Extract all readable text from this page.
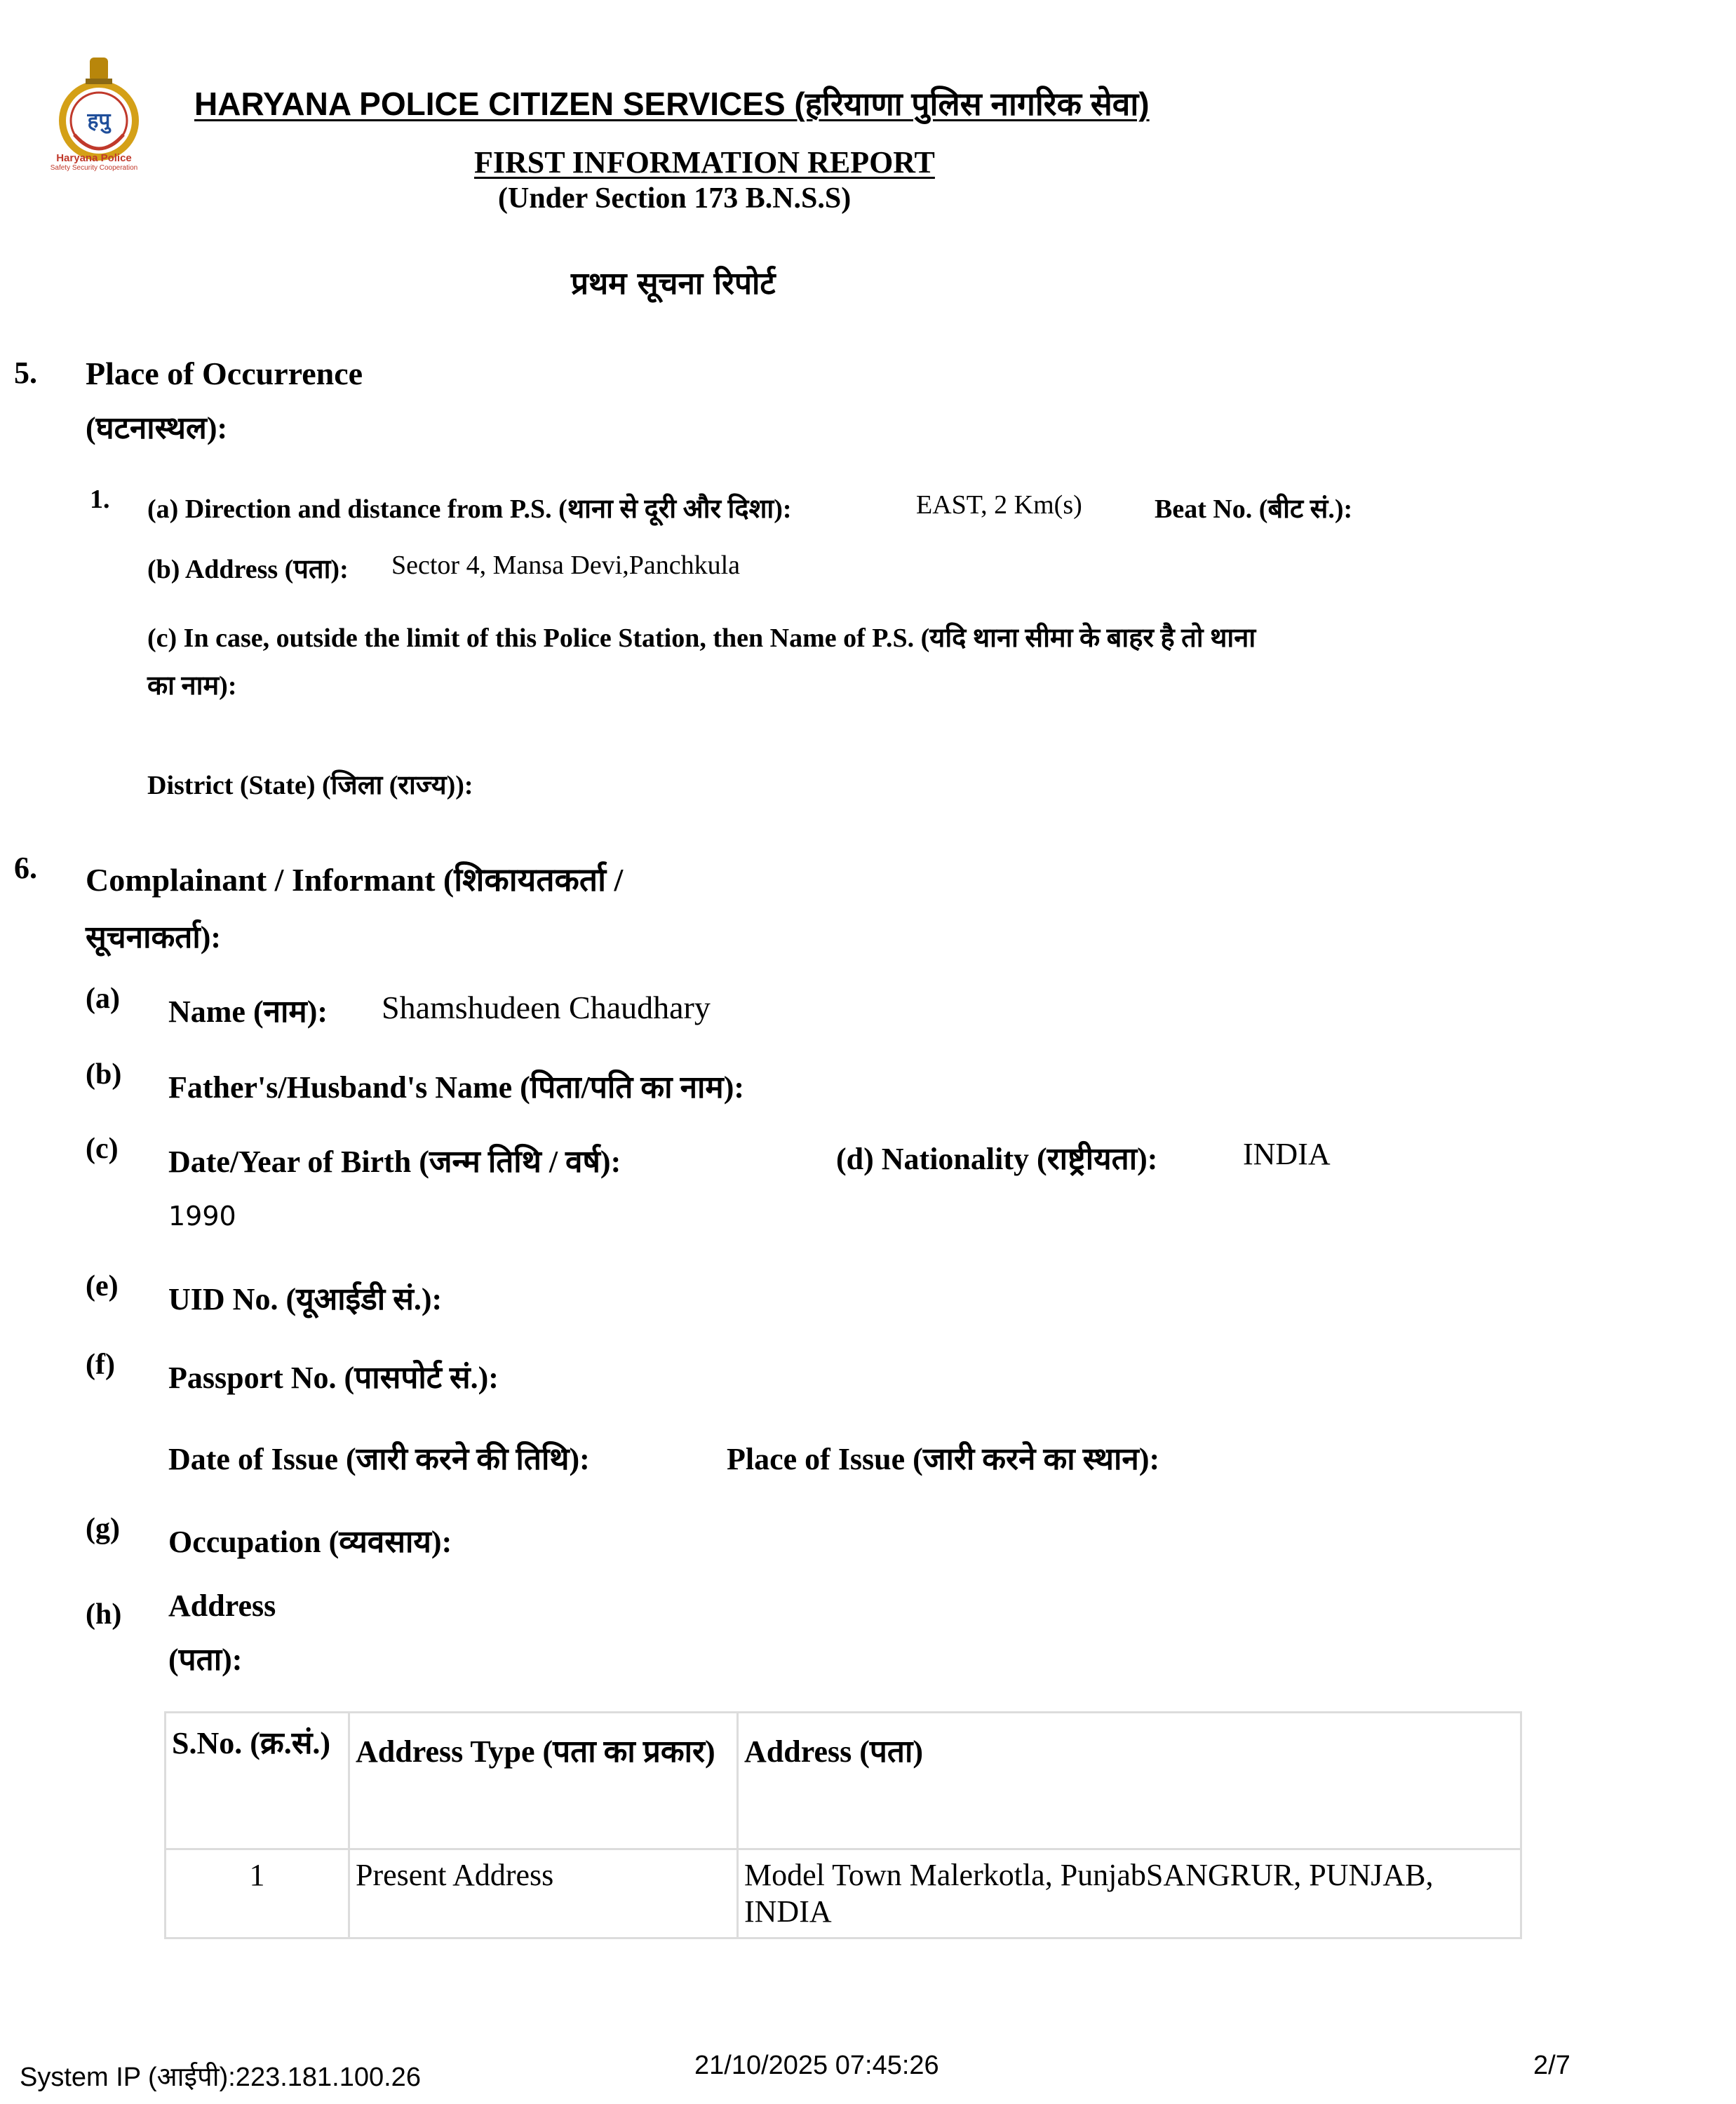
हपु
Haryana Police
Safety Security Cooperation
HARYANA POLICE CITIZEN SERVICES (हरियाणा पुलिस नागरिक सेवा)
FIRST INFORMATION REPORT
(Under Section 173 B.N.S.S)
प्रथम सूचना रिपोर्ट
5. Place of Occurrence
(घटनास्थल):
1. (a) Direction and distance from P.S. (थाना से दूरी और दिशा):	EAST, 2 Km(s)	Beat No. (बीट सं.):
(b) Address (पता): Sector 4, Mansa Devi,Panchkula
(c) In case, outside the limit of this Police Station, then Name of P.S. (यदि थाना सीमा के बाहर है तो थाना
का नाम):
District (State) (जिला (राज्य)):
6. Complainant / Informant (शिकायतकर्ता /
सूचनाकर्ता):
(a) Name (नाम): Shamshudeen Chaudhary
(b) Father's/Husband's Name (पिता/पति का नाम):
(c) Date/Year of Birth (जन्म तिथि / वर्ष):
1990
(d) Nationality (राष्ट्रीयता):	INDIA
(e) UID No. (यूआईडी सं.):
(f) Passport No. (पासपोर्ट सं.):
Date of Issue (जारी करने की तिथि):	Place of Issue (जारी करने का स्थान):
(g) Occupation (व्यवसाय):
(h) Address
(पता):
S.No. (क्र.सं.)	Address Type (पता का प्रकार)	Address (पता)
1	Present Address	Model Town Malerkotla, PunjabSANGRUR, PUNJAB, INDIA
System IP (आईपी):223.181.100.26	21/10/2025 07:45:26	2/7
